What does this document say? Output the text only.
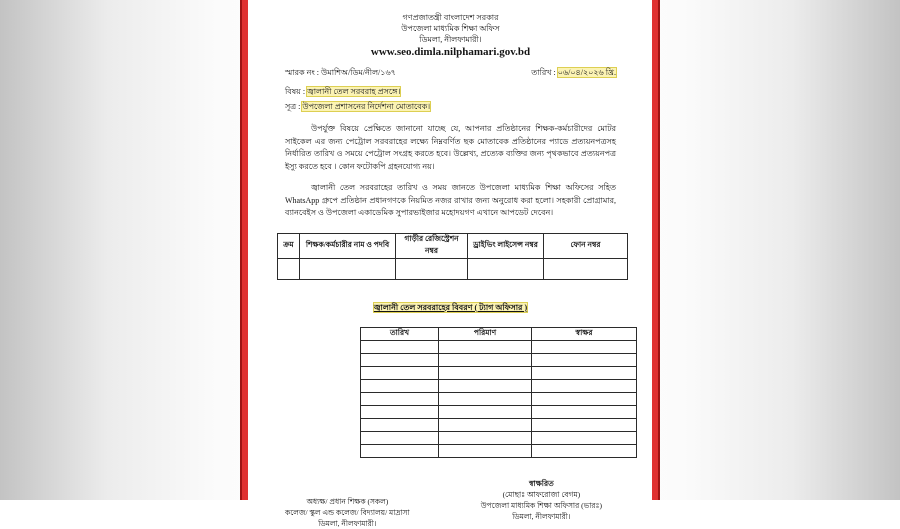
গণপ্রজাতন্ত্রী বাংলাদেশ সরকার
উপজেলা মাধ্যমিক শিক্ষা অফিস
ডিমলা, নীলফামারী।
www.seo.dimla.nilphamari.gov.bd
স্মারক নং : উমাশিঅ/ডিম/নীল/১৬৭	তারিখ : ০৬/০৪/২০২৬ খ্রি.
বিষয় : জ্বালানী তেল সরবরাহ প্রসঙ্গে।
সূত্র : উপজেলা প্রশাসনের নির্দেশনা মোতাবেক।
উপর্যুক্ত বিষয়ে প্রেক্ষিতে জানানো যাচ্ছে যে, আপনার প্রতিষ্ঠানের শিক্ষক-কর্মচারীদের মোটর সাইকেল এর জন্য পেট্রোল সরবরাহের লক্ষ্যে নিম্নবর্ণিত ছক মোতাবেক প্রতিষ্ঠানের প্যাডে প্রত্যয়নপত্রসহ নির্ধারিত তারিখ ও সময়ে পেট্রোল সংগ্রহ করতে হবে। উল্লেখ্য, প্রত্যেক ব্যক্তির জন্য পৃথকভাবে প্রত্যয়নপত্র ইস্যু করতে হবে । কোন ফটোকপি গ্রহনযোগ্য নয়।
জ্বালানী তেল সরবরাহের তারিখ ও সময় জানতে উপজেলা মাধ্যমিক শিক্ষা অফিসের সহিত WhatsApp গ্রুপে প্রতিষ্ঠান প্রধানগণকে নিয়মিত নজর রাখার জন্য অনুরোধ করা হলো। সহকারী প্রোগ্রামার, ব্যানবেইস ও উপজেলা একাডেমিক সুপারভাইজার মহোদয়গণ এখানে আপডেট দেবেন।
ক্রম	শিক্ষক/কর্মচারীর নাম ও পদবি	গাড়ীর রেজিস্ট্রেশন নম্বর	ড্রাইভিং লাইসেন্স নম্বর	ফোন নম্বর

জ্বালানী তেল সরবরাহের বিবরণ ( ট্যাগ অফিসার )
তারিখ	পরিমাণ	স্বাক্ষর

অধ্যক্ষ/ প্রধান শিক্ষক (সকল)
কলেজ/ স্কুল এন্ড কলেজ/ বিদ্যালয়/ মাদ্রাসা
ডিমলা, নীলফামারী।
স্বাক্ষরিত
(মোছাঃ আফরোজা বেগম)
উপজেলা মাধ্যমিক শিক্ষা অফিসার (ভারঃ)
ডিমলা, নীলফামারী।
